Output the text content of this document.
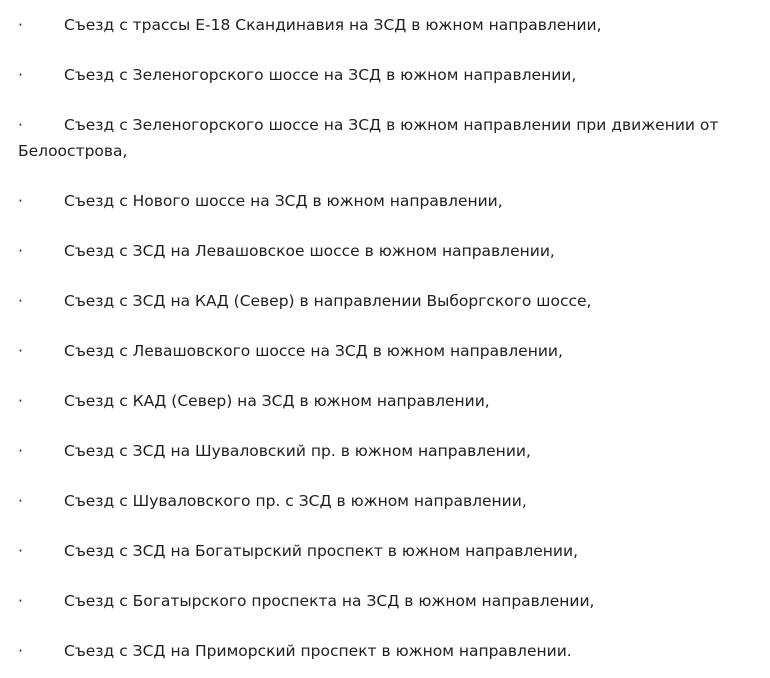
·	Съезд с трассы Е-18 Скандинавия на ЗСД в южном направлении,
·	Съезд с Зеленогорского шоссе на ЗСД в южном направлении,
·	Съезд с Зеленогорского шоссе на ЗСД в южном направлении при движении от Белоострова,
·	Съезд с Нового шоссе на ЗСД в южном направлении,
·	Съезд с ЗСД на Левашовское шоссе в южном направлении,
·	Съезд с ЗСД на КАД (Север) в направлении Выборгского шоссе,
·	Съезд с Левашовского шоссе на ЗСД в южном направлении,
·	Съезд с КАД (Север) на ЗСД в южном направлении,
·	Съезд с ЗСД на Шуваловский пр. в южном направлении,
·	Съезд с Шуваловского пр. с ЗСД в южном направлении,
·	Съезд с ЗСД на Богатырский проспект в южном направлении,
·	Съезд с Богатырского проспекта на ЗСД в южном направлении,
·	Съезд с ЗСД на Приморский проспект в южном направлении.
